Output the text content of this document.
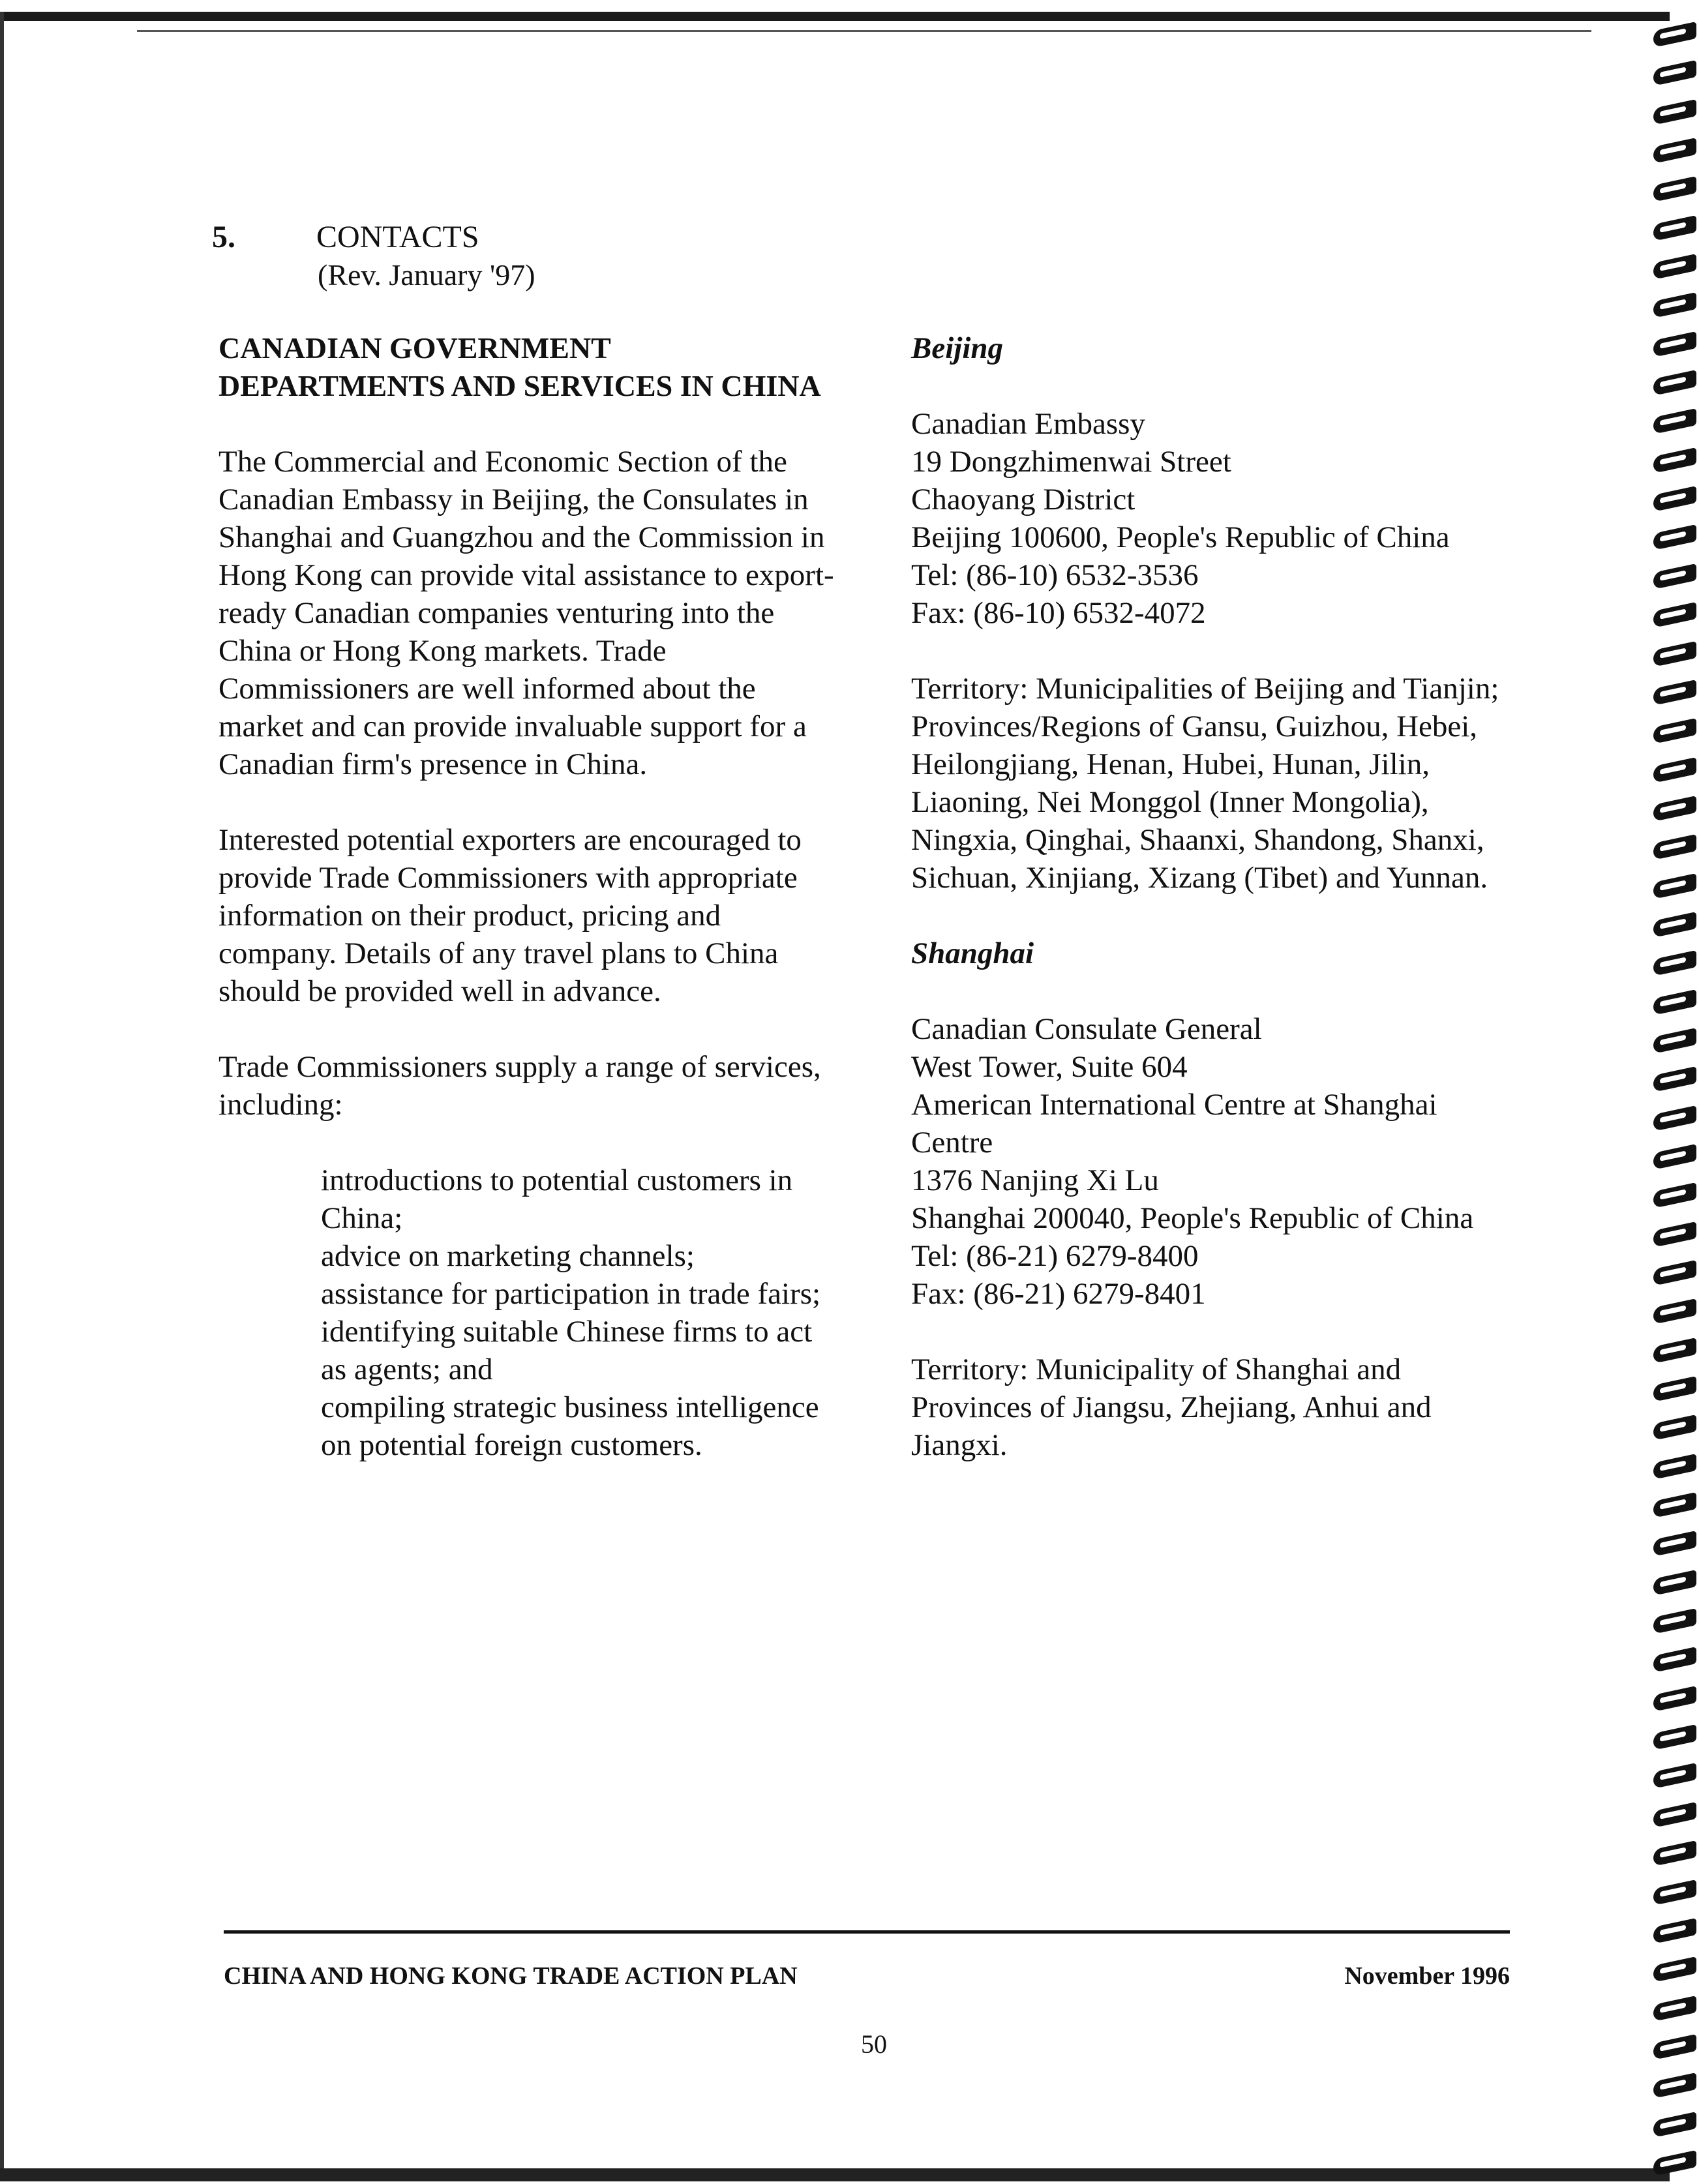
5.	CONTACTS
(Rev. January '97)
CANADIAN GOVERNMENT DEPARTMENTS AND SERVICES IN CHINA

The Commercial and Economic Section of the Canadian Embassy in Beijing, the Consulates in Shanghai and Guangzhou and the Commission in Hong Kong can provide vital assistance to export-ready Canadian companies venturing into the China or Hong Kong markets. Trade Commissioners are well informed about the market and can provide invaluable support for a Canadian firm's presence in China.

Interested potential exporters are encouraged to provide Trade Commissioners with appropriate information on their product, pricing and company. Details of any travel plans to China should be provided well in advance.

Trade Commissioners supply a range of services, including:

introductions to potential customers in China;
advice on marketing channels;
assistance for participation in trade fairs;
identifying suitable Chinese firms to act as agents; and
compiling strategic business intelligence on potential foreign customers.
Beijing
Canadian Embassy
19 Dongzhimenwai Street
Chaoyang District
Beijing 100600, People's Republic of China
Tel: (86-10) 6532-3536
Fax: (86-10) 6532-4072

Territory: Municipalities of Beijing and Tianjin; Provinces/Regions of Gansu, Guizhou, Hebei, Heilongjiang, Henan, Hubei, Hunan, Jilin, Liaoning, Nei Monggol (Inner Mongolia), Ningxia, Qinghai, Shaanxi, Shandong, Shanxi, Sichuan, Xinjiang, Xizang (Tibet) and Yunnan.

Shanghai
Canadian Consulate General
West Tower, Suite 604
American International Centre at Shanghai Centre
1376 Nanjing Xi Lu
Shanghai 200040, People's Republic of China
Tel: (86-21) 6279-8400
Fax: (86-21) 6279-8401

Territory: Municipality of Shanghai and Provinces of Jiangsu, Zhejiang, Anhui and Jiangxi.

CHINA AND HONG KONG TRADE ACTION PLAN	November 1996
50
